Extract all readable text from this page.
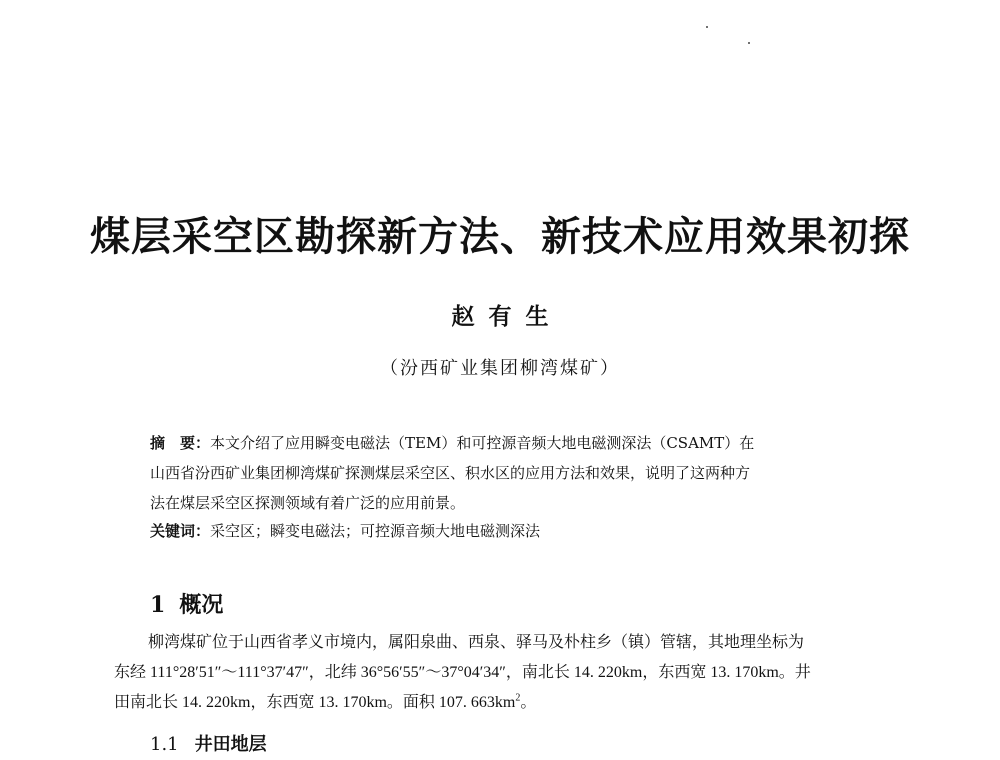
煤层采空区勘探新方法、新技术应用效果初探
赵有生
（汾西矿业集团柳湾煤矿）
摘　要：本文介绍了应用瞬变电磁法（TEM）和可控源音频大地电磁测深法（CSAMT）在
山西省汾西矿业集团柳湾煤矿探测煤层采空区、积水区的应用方法和效果，说明了这两种方
法在煤层采空区探测领域有着广泛的应用前景。
关键词：采空区；瞬变电磁法；可控源音频大地电磁测深法
1 概况
柳湾煤矿位于山西省孝义市境内，属阳泉曲、西泉、驿马及朴柱乡（镇）管辖，其地理坐标为
东经 111°28′51″～111°37′47″，北纬 36°56′55″～37°04′34″，南北长 14. 220km，东西宽 13. 170km。井
田南北长 14. 220km，东西宽 13. 170km。面积 107. $663km^2$。
1.1 井田地层
